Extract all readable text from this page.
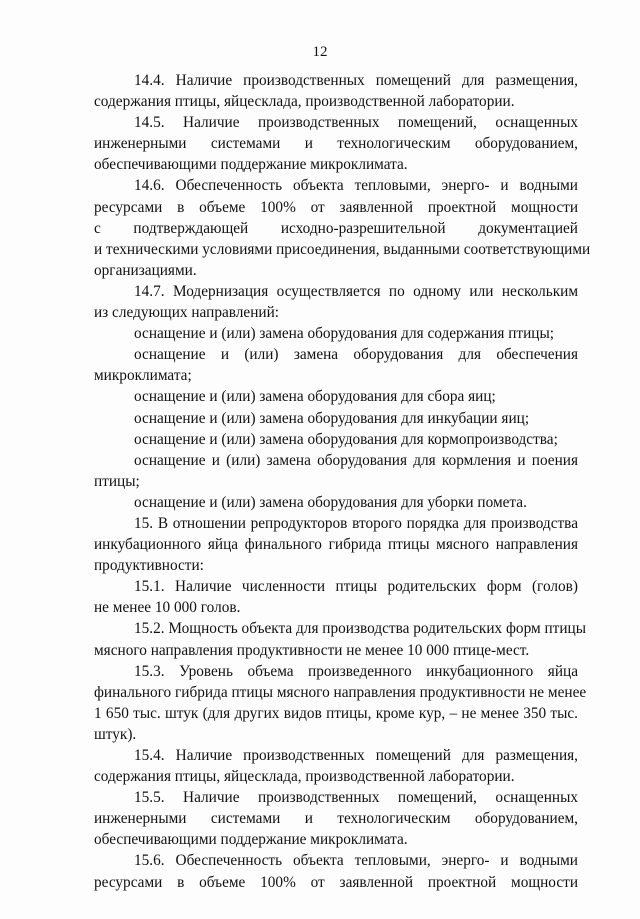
12
14.4. Наличие производственных помещений для размещения,
содержания птицы, яйцесклада, производственной лаборатории.
14.5. Наличие производственных помещений, оснащенных
инженерными системами и технологическим оборудованием,
обеспечивающими поддержание микроклимата.
14.6. Обеспеченность объекта тепловыми, энерго- и водными
ресурсами в объеме 100% от заявленной проектной мощности
с подтверждающей исходно-разрешительной документацией
и техническими условиями присоединения, выданными соответствующими
организациями.
14.7. Модернизация осуществляется по одному или нескольким
из следующих направлений:
оснащение и (или) замена оборудования для содержания птицы;
оснащение и (или) замена оборудования для обеспечения
микроклимата;
оснащение и (или) замена оборудования для сбора яиц;
оснащение и (или) замена оборудования для инкубации яиц;
оснащение и (или) замена оборудования для кормопроизводства;
оснащение и (или) замена оборудования для кормления и поения
птицы;
оснащение и (или) замена оборудования для уборки помета.
15. В отношении репродукторов второго порядка для производства
инкубационного яйца финального гибрида птицы мясного направления
продуктивности:
15.1. Наличие численности птицы родительских форм (голов)
не менее 10 000 голов.
15.2. Мощность объекта для производства родительских форм птицы
мясного направления продуктивности не менее 10 000 птице-мест.
15.3. Уровень объема произведенного инкубационного яйца
финального гибрида птицы мясного направления продуктивности не менее
1 650 тыс. штук (для других видов птицы, кроме кур, – не менее 350 тыс.
штук).
15.4. Наличие производственных помещений для размещения,
содержания птицы, яйцесклада, производственной лаборатории.
15.5. Наличие производственных помещений, оснащенных
инженерными системами и технологическим оборудованием,
обеспечивающими поддержание микроклимата.
15.6. Обеспеченность объекта тепловыми, энерго- и водными
ресурсами в объеме 100% от заявленной проектной мощности
